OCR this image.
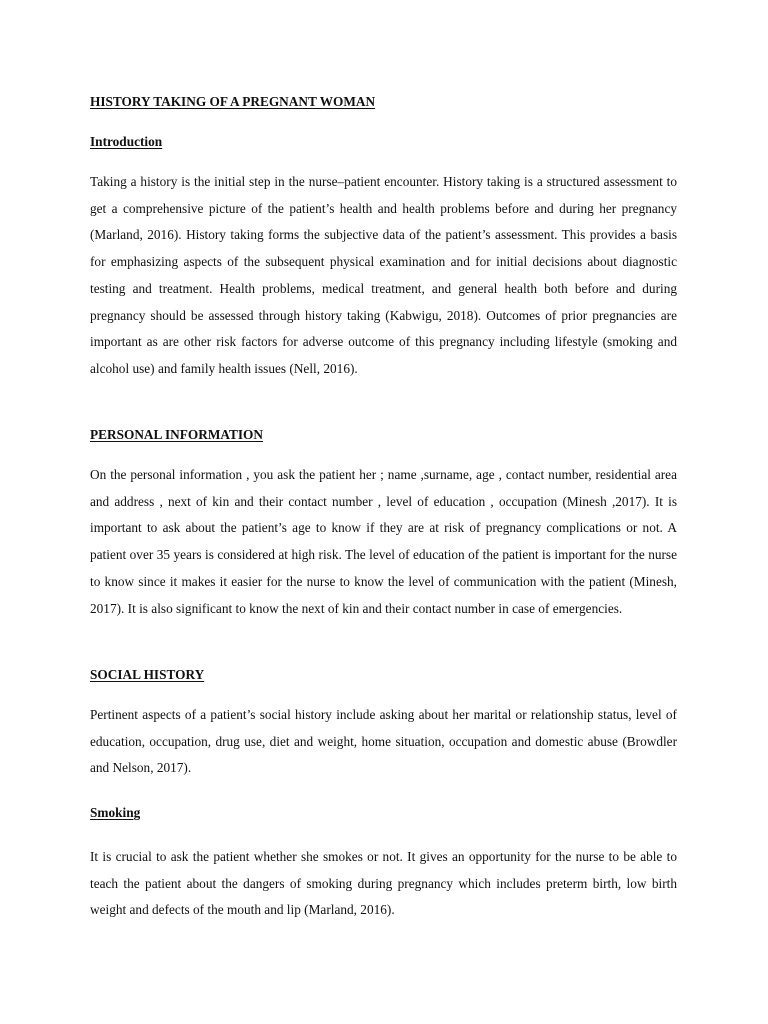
HISTORY TAKING OF A PREGNANT WOMAN
Introduction

Taking a history is the initial step in the nurse–patient encounter. History taking is a structured assessment to get a comprehensive picture of the patient’s health and health problems before and during her pregnancy (Marland, 2016). History taking forms the subjective data of the patient’s assessment. This provides a basis for emphasizing aspects of the subsequent physical examination and for initial decisions about diagnostic testing and treatment. Health problems, medical treatment, and general health both before and during pregnancy should be assessed through history taking (Kabwigu, 2018). Outcomes of prior pregnancies are important as are other risk factors for adverse outcome of this pregnancy including lifestyle (smoking and alcohol use) and family health issues (Nell, 2016).

PERSONAL INFORMATION

On the personal information , you ask the patient her ; name ,surname, age , contact number, residential area and address , next of kin and their contact number , level of education , occupation (Minesh ,2017). It is important to ask about the patient’s age to know if they are at risk of pregnancy complications or not. A patient over 35 years is considered at high risk. The level of education of the patient is important for the nurse to know since it makes it easier for the nurse to know the level of communication with the patient (Minesh, 2017). It is also significant to know the next of kin and their contact number in case of emergencies.

SOCIAL HISTORY

Pertinent aspects of a patient’s social history include asking about her marital or relationship status, level of education, occupation, drug use, diet and weight, home situation, occupation and domestic abuse (Browdler and Nelson, 2017).

Smoking

It is crucial to ask the patient whether she smokes or not. It gives an opportunity for the nurse to be able to teach the patient about the dangers of smoking during pregnancy which includes preterm birth, low birth weight and defects of the mouth and lip (Marland, 2016).
